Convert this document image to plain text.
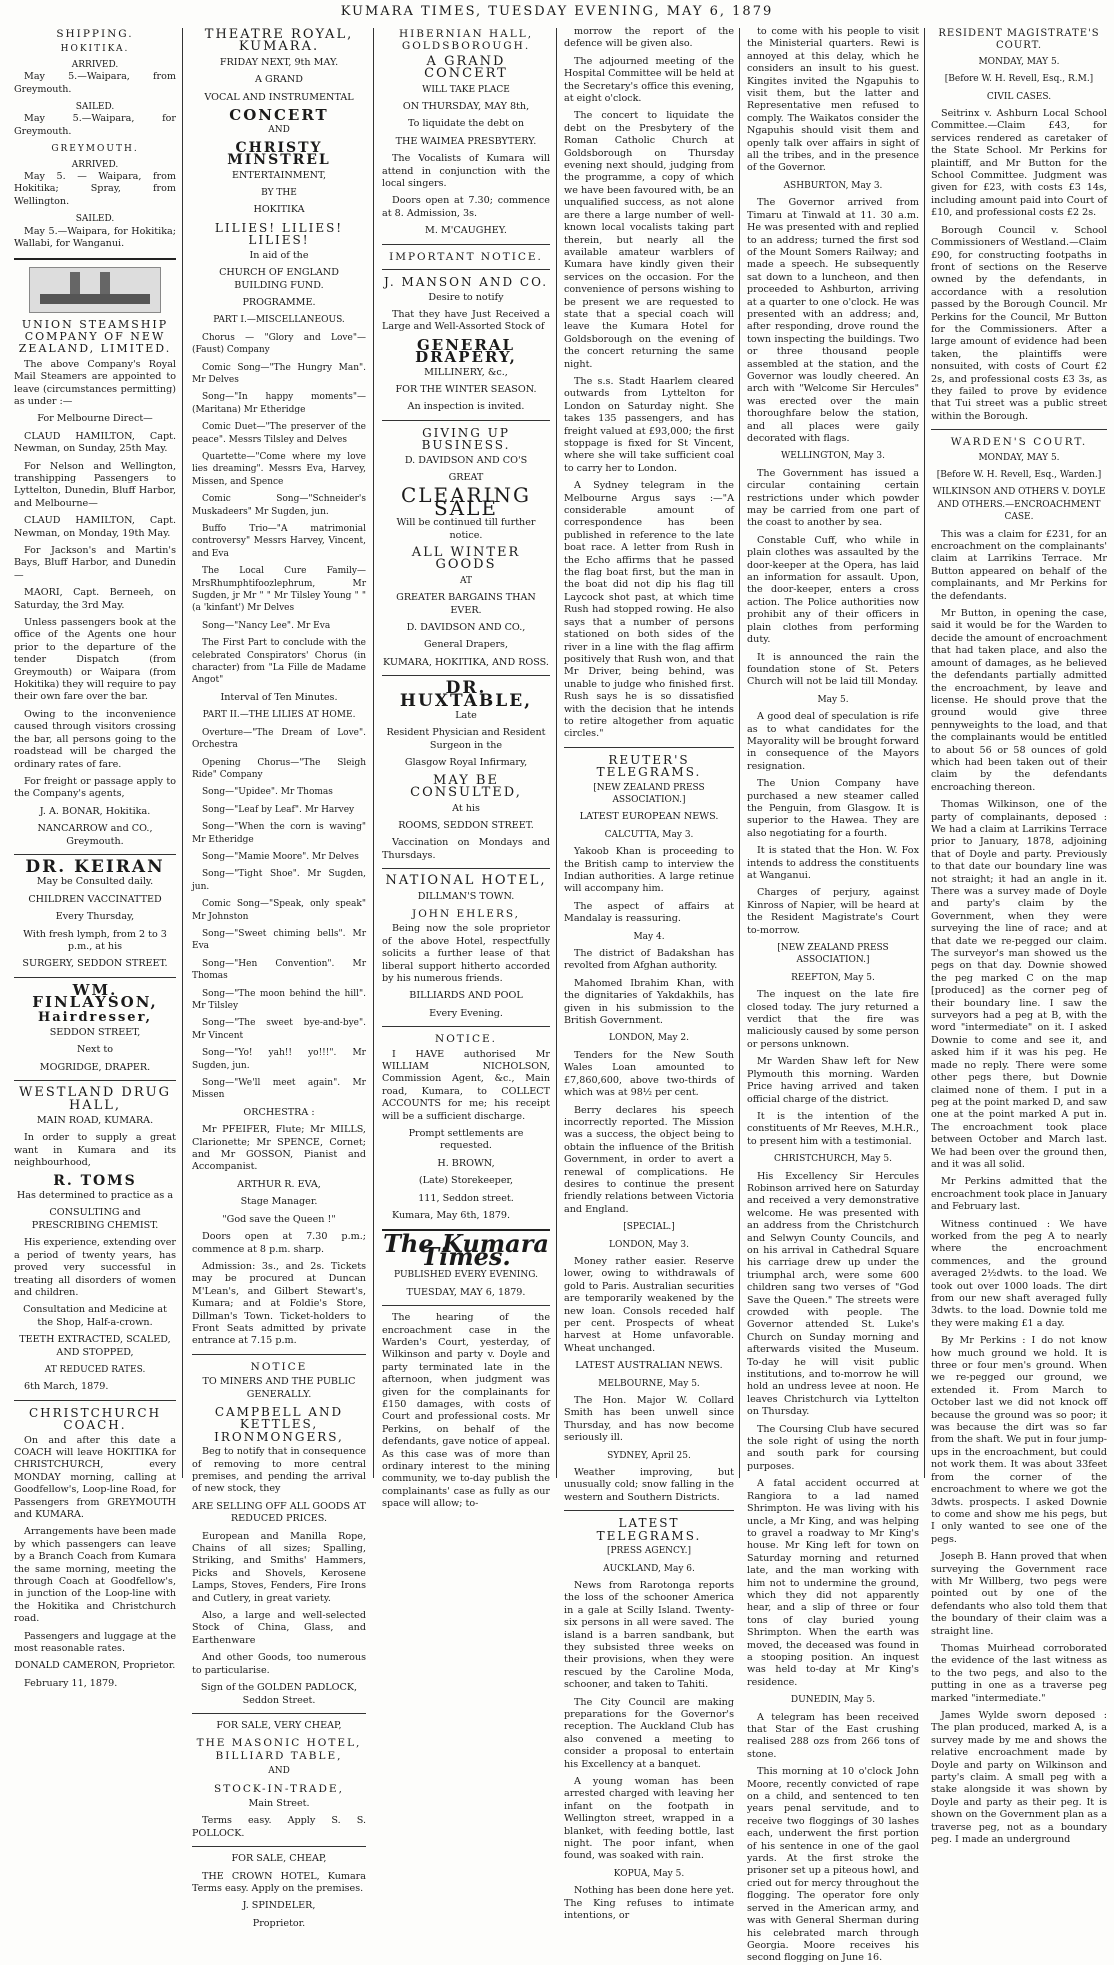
KUMARA TIMES, TUESDAY EVENING, MAY 6, 1879
SHIPPING.
HOKITIKA.
ARRIVED.

May 5.—Waipara, from Greymouth.

SAILED.

May 5.—Waipara, for Greymouth.

GREYMOUTH.
ARRIVED.

May 5. — Waipara, from Hokitika; Spray, from Wellington.

SAILED.

May 5.—Waipara, for Hokitika; Wallabi, for Wanganui.

UNION STEAMSHIP COMPANY OF NEW ZEALAND, LIMITED.

The above Company's Royal Mail Steamers are appointed to leave (circumstances permitting) as under :—

For Melbourne Direct—

CLAUD HAMILTON, Capt. Newman, on Sunday, 25th May.

For Nelson and Wellington, transhipping Passengers to Lyttelton, Dunedin, Bluff Harbor, and Melbourne—

CLAUD HAMILTON, Capt. Newman, on Monday, 19th May.

For Jackson's and Martin's Bays, Bluff Harbor, and Dunedin—

MAORI, Capt. Berneeh, on Saturday, the 3rd May.

Unless passengers book at the office of the Agents one hour prior to the departure of the tender Dispatch (from Greymouth) or Waipara (from Hokitika) they will require to pay their own fare over the bar.

Owing to the inconvenience caused through visitors crossing the bar, all persons going to the roadstead will be charged the ordinary rates of fare.

For freight or passage apply to the Company's agents,

J. A. BONAR, Hokitika.

NANCARROW and CO., Greymouth.

DR. KEIRAN

May be Consulted daily.

CHILDREN VACCINATTED

Every Thursday,

With fresh lymph, from 2 to 3 p.m., at his

SURGERY, SEDDON STREET.

WM. FINLAYSON,
Hairdresser,

SEDDON STREET,

Next to

MOGRIDGE, DRAPER.

WESTLAND DRUG HALL,

MAIN ROAD, KUMARA.

In order to supply a great want in Kumara and its neighbourhood,

R. TOMS

Has determined to practice as a

CONSULTING and PRESCRIBING CHEMIST.

His experience, extending over a period of twenty years, has proved very successful in treating all disorders of women and children.

Consultation and Medicine at the Shop, Half-a-crown.

TEETH EXTRACTED, SCALED, AND STOPPED,

AT REDUCED RATES.

6th March, 1879.

CHRISTCHURCH COACH.

On and after this date a COACH will leave HOKITIKA for CHRISTCHURCH, every MONDAY morning, calling at Goodfellow's, Loop-line Road, for Passengers from GREYMOUTH and KUMARA.

Arrangements have been made by which passengers can leave by a Branch Coach from Kumara the same morning, meeting the through Coach at Goodfellow's, in junction of the Loop-line with the Hokitika and Christchurch road.

Passengers and luggage at the most reasonable rates.

DONALD CAMERON, Proprietor.

February 11, 1879.

THEATRE ROYAL, KUMARA.

FRIDAY NEXT, 9th MAY.

A GRAND

VOCAL AND INSTRUMENTAL

CONCERT

AND

CHRISTY MINSTREL

ENTERTAINMENT,

BY THE

HOKITIKA

LILIES! LILIES! LILIES!

In aid of the

CHURCH OF ENGLAND BUILDING FUND.

PROGRAMME.

PART I.—MISCELLANEOUS.

Chorus — "Glory and Love"—(Faust) Company

Comic Song—"The Hungry Man". Mr Delves

Song—"In happy moments"—(Maritana) Mr Etheridge

Comic Duet—"The preserver of the peace". Messrs Tilsley and Delves

Quartette—"Come where my love lies dreaming". Messrs Eva, Harvey, Missen, and Spence

Comic Song—"Schneider's Muskadeers" Mr Sugden, jun.

Buffo Trio—"A matrimonial controversy" Messrs Harvey, Vincent, and Eva

The Local Cure Family— MrsRhumphtifoozlephrum, Mr Sugden, jr Mr " " Mr Tilsley Young " " (a 'kinfant') Mr Delves

Song—"Nancy Lee". Mr Eva

The First Part to conclude with the celebrated Conspirators' Chorus (in character) from "La Fille de Madame Angot"

Interval of Ten Minutes.

PART II.—THE LILIES AT HOME.

Overture—"The Dream of Love". Orchestra

Opening Chorus—"The Sleigh Ride" Company

Song—"Upidee". Mr Thomas

Song—"Leaf by Leaf". Mr Harvey

Song—"When the corn is waving" Mr Etheridge

Song—"Mamie Moore". Mr Delves

Song—"Tight Shoe". Mr Sugden, jun.

Comic Song—"Speak, only speak" Mr Johnston

Song—"Sweet chiming bells". Mr Eva

Song—"Hen Convention". Mr Thomas

Song—"The moon behind the hill". Mr Tilsley

Song—"The sweet bye-and-bye". Mr Vincent

Song—"Yo! yah!! yo!!!". Mr Sugden, jun.

Song—"We'll meet again". Mr Missen

ORCHESTRA :

Mr PFEIFER, Flute; Mr MILLS, Clarionette; Mr SPENCE, Cornet; and Mr GOSSON, Pianist and Accompanist.

ARTHUR R. EVA,

Stage Manager.

"God save the Queen !"

Doors open at 7.30 p.m.; commence at 8 p.m. sharp.

Admission: 3s., and 2s. Tickets may be procured at Duncan M'Lean's, and Gilbert Stewart's, Kumara; and at Foldie's Store, Dillman's Town. Ticket-holders to Front Seats admitted by private entrance at 7.15 p.m.

NOTICE

TO MINERS AND THE PUBLIC GENERALLY.

CAMPBELL AND KETTLES, IRONMONGERS,

Beg to notify that in consequence of removing to more central premises, and pending the arrival of new stock, they

ARE SELLING OFF ALL GOODS AT REDUCED PRICES.

European and Manilla Rope, Chains of all sizes; Spalling, Striking, and Smiths' Hammers, Picks and Shovels, Kerosene Lamps, Stoves, Fenders, Fire Irons and Cutlery, in great variety.

Also, a large and well-selected Stock of China, Glass, and Earthenware

And other Goods, too numerous to particularise.

Sign of the GOLDEN PADLOCK, Seddon Street.

FOR SALE, VERY CHEAP,

THE MASONIC HOTEL, BILLIARD TABLE,

AND

STOCK-IN-TRADE,

Main Street.

Terms easy. Apply S. S. POLLOCK.

FOR SALE, CHEAP,

THE CROWN HOTEL, Kumara Terms easy. Apply on the premises.

J. SPINDELER,

Proprietor.

HIBERNIAN HALL, GOLDSBOROUGH.
A GRAND CONCERT

WILL TAKE PLACE

ON THURSDAY, MAY 8th,

To liquidate the debt on

THE WAIMEA PRESBYTERY.

The Vocalists of Kumara will attend in conjunction with the local singers.

Doors open at 7.30; commence at 8. Admission, 3s.

M. M'CAUGHEY.

IMPORTANT NOTICE.
J. MANSON AND CO.

Desire to notify

That they have Just Received a Large and Well-Assorted Stock of

GENERAL DRAPERY,

MILLINERY, &c.,

FOR THE WINTER SEASON.

An inspection is invited.

GIVING UP BUSINESS.

D. DAVIDSON AND CO'S

GREAT

CLEARING SALE

Will be continued till further notice.

ALL WINTER GOODS

AT

GREATER BARGAINS THAN EVER.

D. DAVIDSON AND CO.,

General Drapers,

KUMARA, HOKITIKA, AND ROSS.

DR. HUXTABLE,

Late

Resident Physician and Resident Surgeon in the

Glasgow Royal Infirmary,

MAY BE CONSULTED,

At his

ROOMS, SEDDON STREET.

Vaccination on Mondays and Thursdays.

NATIONAL HOTEL,

DILLMAN'S TOWN.

JOHN EHLERS,

Being now the sole proprietor of the above Hotel, respectfully solicits a further lease of that liberal support hitherto accorded by his numerous friends.

BILLIARDS AND POOL

Every Evening.

NOTICE.

I HAVE authorised Mr WILLIAM NICHOLSON, Commission Agent, &c., Main road, Kumara, to COLLECT ACCOUNTS for me; his receipt will be a sufficient discharge.

Prompt settlements are requested.

H. BROWN,

(Late) Storekeeper,

111, Seddon street.

Kumara, May 6th, 1879.

The Kumara Times.

PUBLISHED EVERY EVENING.

TUESDAY, MAY 6, 1879.

The hearing of the encroachment case in the Warden's Court, yesterday, of Wilkinson and party v. Doyle and party terminated late in the afternoon, when judgment was given for the complainants for £150 damages, with costs of Court and professional costs. Mr Perkins, on behalf of the defendants, gave notice of appeal. As this case was of more than ordinary interest to the mining community, we to-day publish the complainants' case as fully as our space will allow; to-

morrow the report of the defence will be given also.

The adjourned meeting of the Hospital Committee will be held at the Secretary's office this evening, at eight o'clock.

The concert to liquidate the debt on the Presbytery of the Roman Catholic Church at Goldsborough on Thursday evening next should, judging from the programme, a copy of which we have been favoured with, be an unqualified success, as not alone are there a large number of well-known local vocalists taking part therein, but nearly all the available amateur warblers of Kumara have kindly given their services on the occasion. For the convenience of persons wishing to be present we are requested to state that a special coach will leave the Kumara Hotel for Goldsborough on the evening of the concert returning the same night.

The s.s. Stadt Haarlem cleared outwards from Lyttelton for London on Saturday night. She takes 135 passengers, and has freight valued at £93,000; the first stoppage is fixed for St Vincent, where she will take sufficient coal to carry her to London.

A Sydney telegram in the Melbourne Argus says :—"A considerable amount of correspondence has been published in reference to the late boat race. A letter from Rush in the Echo affirms that he passed the flag boat first, but the man in the boat did not dip his flag till Laycock shot past, at which time Rush had stopped rowing. He also says that a number of persons stationed on both sides of the river in a line with the flag affirm positively that Rush won, and that Mr Driver, being behind, was unable to judge who finished first. Rush says he is so dissatisfied with the decision that he intends to retire altogether from aquatic circles."

REUTER'S TELEGRAMS.

[NEW ZEALAND PRESS ASSOCIATION.]

LATEST EUROPEAN NEWS.

CALCUTTA, May 3.

Yakoob Khan is proceeding to the British camp to interview the Indian authorities. A large retinue will accompany him.

The aspect of affairs at Mandalay is reassuring.

May 4.

The district of Badakshan has revolted from Afghan authority.

Mahomed Ibrahim Khan, with the dignitaries of Yakdakhils, has given in his submission to the British Government.

LONDON, May 2.

Tenders for the New South Wales Loan amounted to £7,860,600, above two-thirds of which was at 98½ per cent.

Berry declares his speech incorrectly reported. The Mission was a success, the object being to obtain the influence of the British Government, in order to avert a renewal of complications. He desires to continue the present friendly relations between Victoria and England.

[SPECIAL.]

LONDON, May 3.

Money rather easier. Reserve lower, owing to withdrawals of gold to Paris. Australian securities are temporarily weakened by the new loan. Consols receded half per cent. Prospects of wheat harvest at Home unfavorable. Wheat unchanged.

LATEST AUSTRALIAN NEWS.

MELBOURNE, May 5.

The Hon. Major W. Collard Smith has been unwell since Thursday, and has now become seriously ill.

SYDNEY, April 25.

Weather improving, but unusually cold; snow falling in the western and Southern Districts.

LATEST TELEGRAMS.

[PRESS AGENCY.]

AUCKLAND, May 6.

News from Rarotonga reports the loss of the schooner America in a gale at Scilly Island. Twenty-six persons in all were saved. The island is a barren sandbank, but they subsisted three weeks on their provisions, when they were rescued by the Caroline Moda, schooner, and taken to Tahiti.

The City Council are making preparations for the Governor's reception. The Auckland Club has also convened a meeting to consider a proposal to entertain his Excellency at a banquet.

A young woman has been arrested charged with leaving her infant on the footpath in Wellington street, wrapped in a blanket, with feeding bottle, last night. The poor infant, when found, was soaked with rain.

KOPUA, May 5.

Nothing has been done here yet. The King refuses to intimate intentions, or

to come with his people to visit the Ministerial quarters. Rewi is annoyed at this delay, which he considers an insult to his guest. Kingites invited the Ngapuhis to visit them, but the latter and Representative men refused to comply. The Waikatos consider the Ngapuhis should visit them and openly talk over affairs in sight of all the tribes, and in the presence of the Governor.

ASHBURTON, May 3.

The Governor arrived from Timaru at Tinwald at 11. 30 a.m. He was presented with and replied to an address; turned the first sod of the Mount Somers Railway; and made a speech. He subsequently sat down to a luncheon, and then proceeded to Ashburton, arriving at a quarter to one o'clock. He was presented with an address; and, after responding, drove round the town inspecting the buildings. Two or three thousand people assembled at the station, and the Governor was loudly cheered. An arch with "Welcome Sir Hercules" was erected over the main thoroughfare below the station, and all places were gaily decorated with flags.

WELLINGTON, May 3.

The Government has issued a circular containing certain restrictions under which powder may be carried from one part of the coast to another by sea.

Constable Cuff, who while in plain clothes was assaulted by the door-keeper at the Opera, has laid an information for assault. Upon, the door-keeper, enters a cross action. The Police authorities now prohibit any of their officers in plain clothes from performing duty.

It is announced the rain the foundation stone of St. Peters Church will not be laid till Monday.

May 5.

A good deal of speculation is rife as to what candidates for the Mayorality will be brought forward in consequence of the Mayors resignation.

The Union Company have purchased a new steamer called the Penguin, from Glasgow. It is superior to the Hawea. They are also negotiating for a fourth.

It is stated that the Hon. W. Fox intends to address the constituents at Wanganui.

Charges of perjury, against Kinross of Napier, will be heard at the Resident Magistrate's Court to-morrow.

[NEW ZEALAND PRESS ASSOCIATION.]

REEFTON, May 5.

The inquest on the late fire closed today. The jury returned a verdict that the fire was maliciously caused by some person or persons unknown.

Mr Warden Shaw left for New Plymouth this morning. Warden Price having arrived and taken official charge of the district.

It is the intention of the constituents of Mr Reeves, M.H.R., to present him with a testimonial.

CHRISTCHURCH, May 5.

His Excellency Sir Hercules Robinson arrived here on Saturday and received a very demonstrative welcome. He was presented with an address from the Christchurch and Selwyn County Councils, and on his arrival in Cathedral Square his carriage drew up under the triumphal arch, were some 600 children sang two verses of "God Save the Queen." The streets were crowded with people. The Governor attended St. Luke's Church on Sunday morning and afterwards visited the Museum. To-day he will visit public institutions, and to-morrow he will hold an undress levee at noon. He leaves Christchurch via Lyttelton on Thursday.

The Coursing Club have secured the sole right of using the north and south park for coursing purposes.

A fatal accident occurred at Rangiora to a lad named Shrimpton. He was living with his uncle, a Mr King, and was helping to gravel a roadway to Mr King's house. Mr King left for town on Saturday morning and returned late, and the man working with him not to undermine the ground, which they did not apparently hear, and a slip of three or four tons of clay buried young Shrimpton. When the earth was moved, the deceased was found in a stooping position. An inquest was held to-day at Mr King's residence.

DUNEDIN, May 5.

A telegram has been received that Star of the East crushing realised 288 ozs from 266 tons of stone.

This morning at 10 o'clock John Moore, recently convicted of rape on a child, and sentenced to ten years penal servitude, and to receive two floggings of 30 lashes each, underwent the first portion of his sentence in one of the gaol yards. At the first stroke the prisoner set up a piteous howl, and cried out for mercy throughout the flogging. The operator fore only served in the American army, and was with General Sherman during his celebrated march through Georgia. Moore receives his second flogging on June 16.

RESIDENT MAGISTRATE'S COURT.

MONDAY, MAY 5.

[Before W. H. Revell, Esq., R.M.]

CIVIL CASES.

Seitrinx v. Ashburn Local School Committee.—Claim £43, for services rendered as caretaker of the State School. Mr Perkins for plaintiff, and Mr Button for the School Committee. Judgment was given for £23, with costs £3 14s, including amount paid into Court of £10, and professional costs £2 2s.

Borough Council v. School Commissioners of Westland.—Claim £90, for constructing footpaths in front of sections on the Reserve owned by the defendants, in accordance with a resolution passed by the Borough Council. Mr Perkins for the Council, Mr Button for the Commissioners. After a large amount of evidence had been taken, the plaintiffs were nonsuited, with costs of Court £2 2s, and professional costs £3 3s, as they failed to prove by evidence that Tui street was a public street within the Borough.

WARDEN'S COURT.

MONDAY, MAY 5.

[Before W. H. Revell, Esq., Warden.]

WILKINSON AND OTHERS V. DOYLE AND OTHERS.—ENCROACHMENT CASE.

This was a claim for £231, for an encroachment on the complainants' claim at Larrikins Terrace. Mr Button appeared on behalf of the complainants, and Mr Perkins for the defendants.

Mr Button, in opening the case, said it would be for the Warden to decide the amount of encroachment that had taken place, and also the amount of damages, as he believed the defendants partially admitted the encroachment, by leave and license. He should prove that the ground would give three pennyweights to the load, and that the complainants would be entitled to about 56 or 58 ounces of gold which had been taken out of their claim by the defendants encroaching thereon.

Thomas Wilkinson, one of the party of complainants, deposed : We had a claim at Larrikins Terrace prior to January, 1878, adjoining that of Doyle and party. Previously to that date our boundary line was not straight; it had an angle in it. There was a survey made of Doyle and party's claim by the Government, when they were surveying the line of race; and at that date we re-pegged our claim. The surveyor's man showed us the pegs on that day. Downie showed the peg marked C on the map [produced] as the corner peg of their boundary line. I saw the surveyors had a peg at B, with the word "intermediate" on it. I asked Downie to come and see it, and asked him if it was his peg. He made no reply. There were some other pegs there, but Downie claimed none of them. I put in a peg at the point marked D, and saw one at the point marked A put in. The encroachment took place between October and March last. We had been over the ground then, and it was all solid.

Mr Perkins admitted that the encroachment took place in January and February last.

Witness continued : We have worked from the peg A to nearly where the encroachment commences, and the ground averaged 2½dwts. to the load. We took out over 1000 loads. The dirt from our new shaft averaged fully 3dwts. to the load. Downie told me they were making £1 a day.

By Mr Perkins : I do not know how much ground we hold. It is three or four men's ground. When we re-pegged our ground, we extended it. From March to October last we did not knock off because the ground was so poor; it was because the dirt was so far from the shaft. We put in four jump-ups in the encroachment, but could not work them. It was about 33feet from the corner of the encroachment to where we got the 3dwts. prospects. I asked Downie to come and show me his pegs, but I only wanted to see one of the pegs.

Joseph B. Hann proved that when surveying the Government race with Mr Willberg, two pegs were pointed out by one of the defendants who also told them that the boundary of their claim was a straight line.

Thomas Muirhead corroborated the evidence of the last witness as to the two pegs, and also to the putting in one as a traverse peg marked "intermediate."

James Wylde sworn deposed : The plan produced, marked A, is a survey made by me and shows the relative encroachment made by Doyle and party on Wilkinson and party's claim. A small peg with a stake alongside it was shown by Doyle and party as their peg. It is shown on the Government plan as a traverse peg, not as a boundary peg. I made an underground
